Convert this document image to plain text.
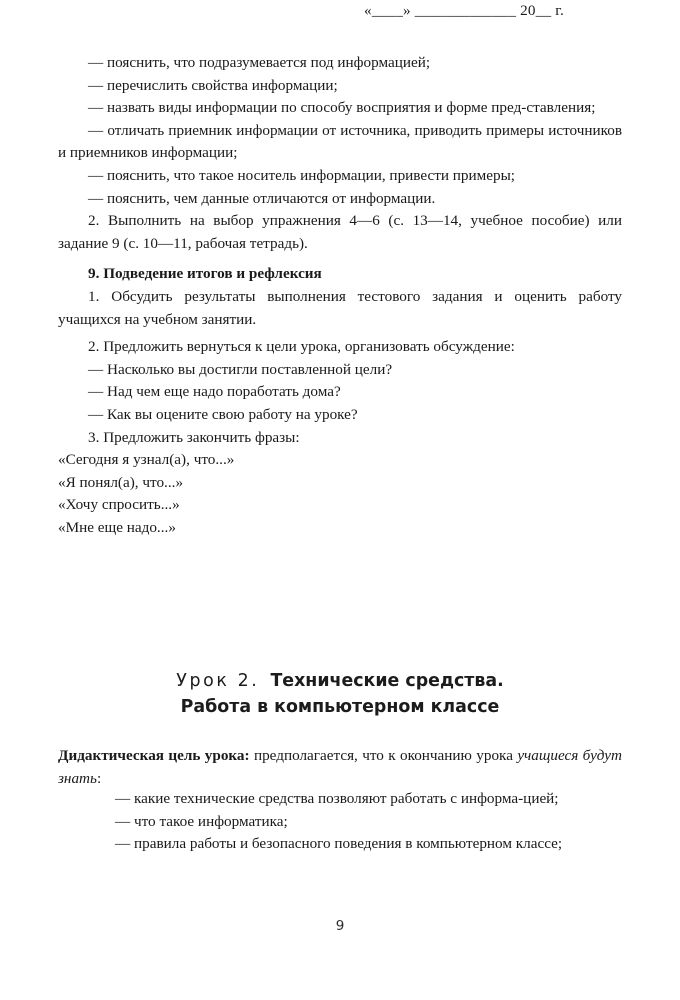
— пояснить, что подразумевается под информацией;

— перечислить свойства информации;

— назвать виды информации по способу восприятия и форме пред-ставления;

— отличать приемник информации от источника, приводить примеры источников и приемников информации;

— пояснить, что такое носитель информации, привести примеры;

— пояснить, чем данные отличаются от информации.

2. Выполнить на выбор упражнения 4—6 (с. 13—14, учебное пособие) или задание 9 (с. 10—11, рабочая тетрадь).

9. Подведение итогов и рефлексия

1. Обсудить результаты выполнения тестового задания и оценить работу учащихся на учебном занятии.

2. Предложить вернуться к цели урока, организовать обсуждение:

— Насколько вы достигли поставленной цели?

— Над чем еще надо поработать дома?

— Как вы оцените свою работу на уроке?

3. Предложить закончить фразы:

«Сегодня я узнал(а), что...»

«Я понял(а), что...»

«Хочу спросить...»

«Мне еще надо...»

«____» _____________ 20__ г.
Урок 2. Технические средства.
Работа в компьютерном классе

Дидактическая цель урока: предполагается, что к окончанию урока учащиеся будут знать:

— какие технические средства позволяют работать с информа-цией;

— что такое информатика;

— правила работы и безопасного поведения в компьютерном классе;

9
